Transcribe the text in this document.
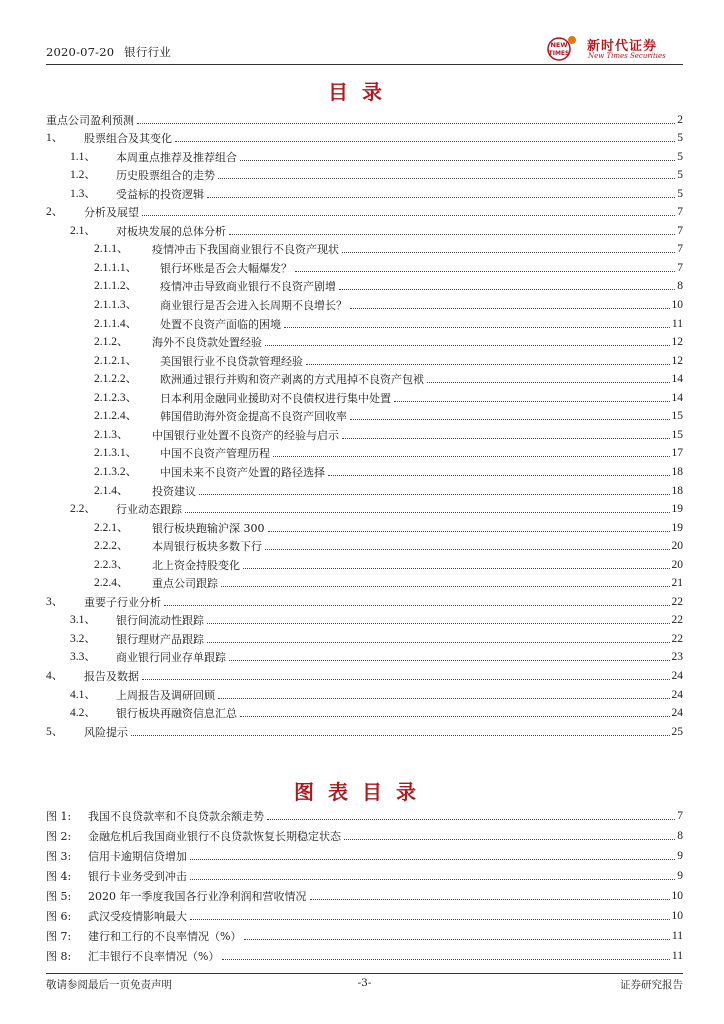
2020-07-20 银行行业	NEW
TIMES 新时代证券
New Times Securities
目录
重点公司盈利预测	2
1、	股票组合及其变化	5
1.1、	本周重点推荐及推荐组合	5
1.2、	历史股票组合的走势	5
1.3、	受益标的投资逻辑	5
2、	分析及展望	7
2.1、	对板块发展的总体分析	7
2.1.1、	疫情冲击下我国商业银行不良资产现状	7
2.1.1.1、	银行坏账是否会大幅爆发？	7
2.1.1.2、	疫情冲击导致商业银行不良资产剧增	8
2.1.1.3、	商业银行是否会进入长周期不良增长？	10
2.1.1.4、	处置不良资产面临的困境	11
2.1.2、	海外不良贷款处置经验	12
2.1.2.1、	美国银行业不良贷款管理经验	12
2.1.2.2、	欧洲通过银行并购和资产剥离的方式甩掉不良资产包袱	14
2.1.2.3、	日本利用金融同业援助对不良债权进行集中处置	14
2.1.2.4、	韩国借助海外资金提高不良资产回收率	15
2.1.3、	中国银行业处置不良资产的经验与启示	15
2.1.3.1、	中国不良资产管理历程	17
2.1.3.2、	中国未来不良资产处置的路径选择	18
2.1.4、	投资建议	18
2.2、	行业动态跟踪	19
2.2.1、	银行板块跑输沪深 300	19
2.2.2、	本周银行板块多数下行	20
2.2.3、	北上资金持股变化	20
2.2.4、	重点公司跟踪	21
3、	重要子行业分析	22
3.1、	银行间流动性跟踪	22
3.2、	银行理财产品跟踪	22
3.3、	商业银行同业存单跟踪	23
4、	报告及数据	24
4.1、	上周报告及调研回顾	24
4.2、	银行板块再融资信息汇总	24
5、	风险提示	25
图表目录
图 1:	我国不良贷款率和不良贷款余额走势	7
图 2:	金融危机后我国商业银行不良贷款恢复长期稳定状态	8
图 3:	信用卡逾期信贷增加	9
图 4:	银行卡业务受到冲击	9
图 5:	2020 年一季度我国各行业净利润和营收情况	10
图 6:	武汉受疫情影响最大	10
图 7:	建行和工行的不良率情况（%）	11
图 8:	汇丰银行不良率情况（%）	11
敬请参阅最后一页免责声明	-3-	证券研究报告
